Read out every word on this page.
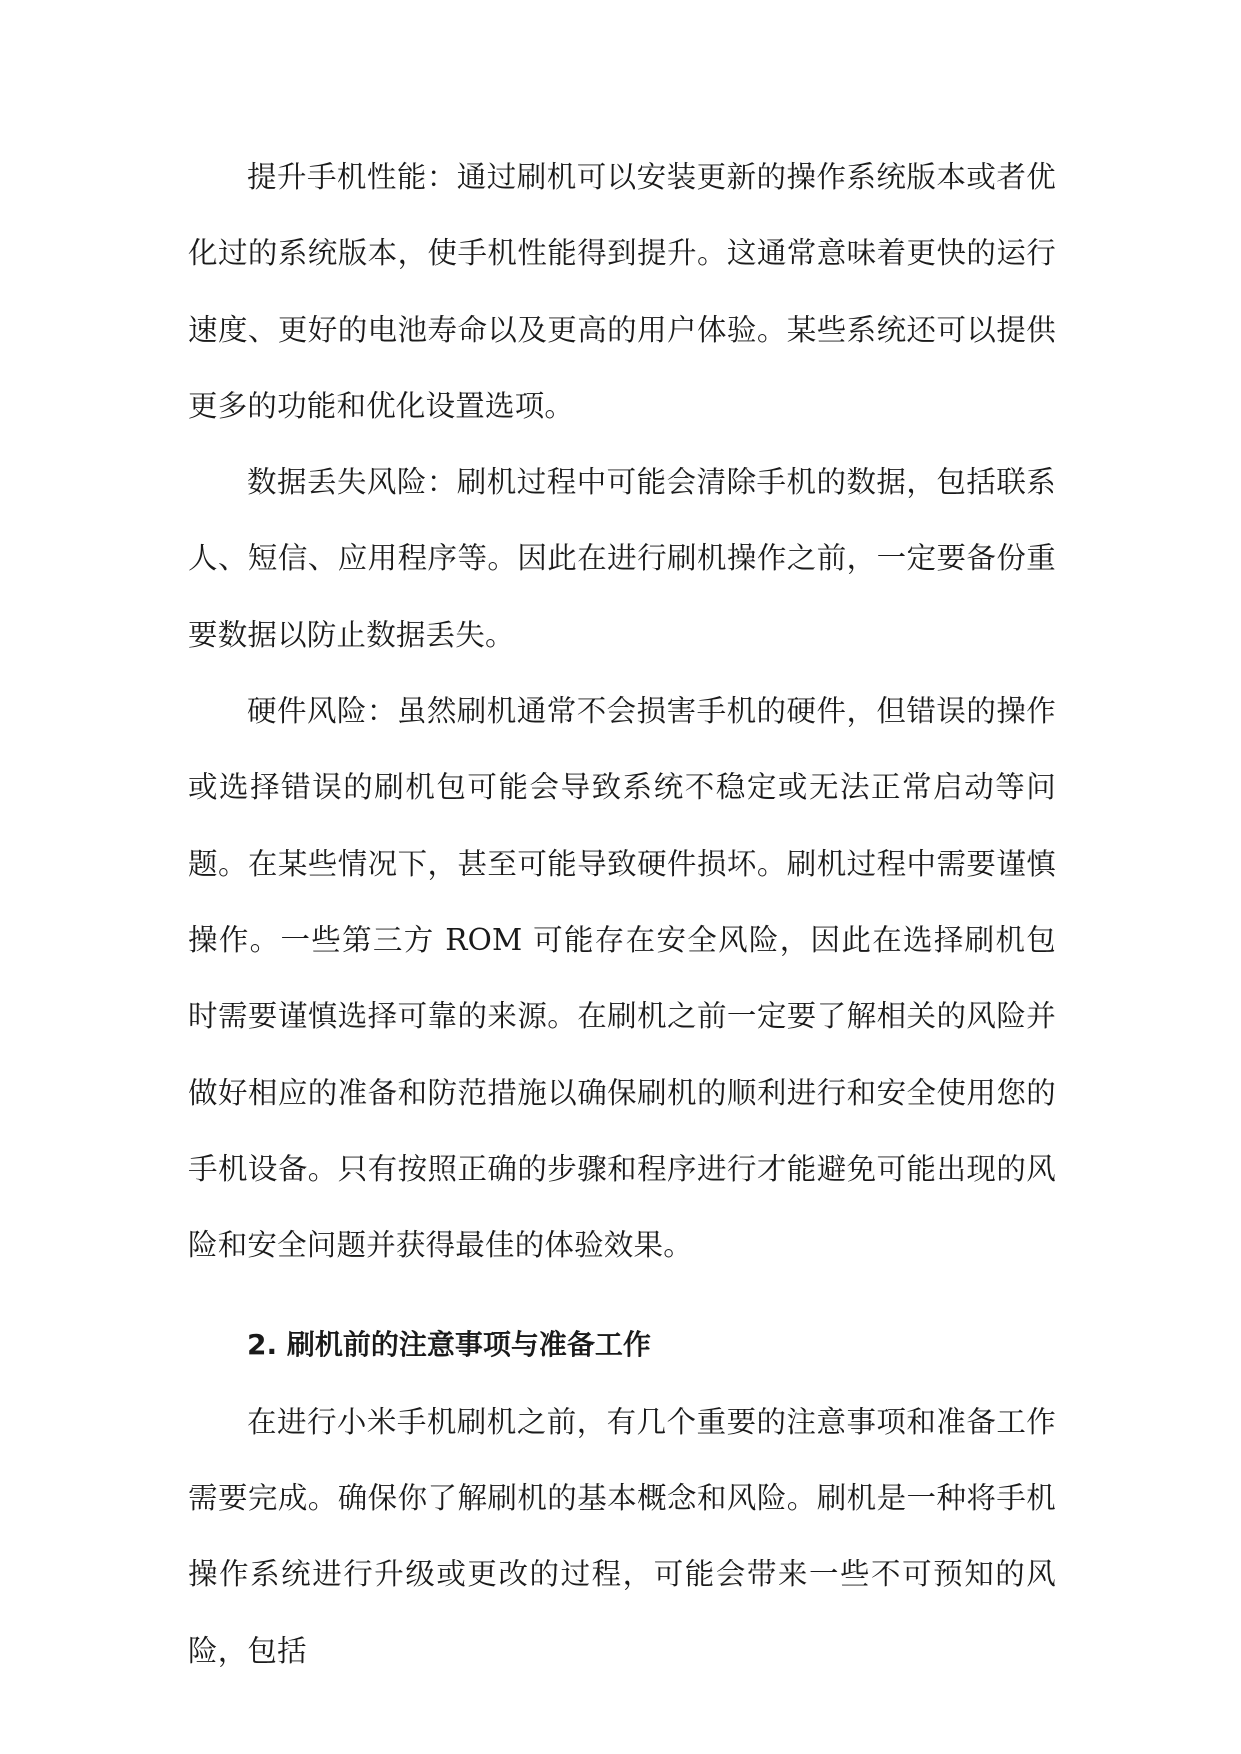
提升手机性能：通过刷机可以安装更新的操作系统版本或者优化过的系统版本，使手机性能得到提升。这通常意味着更快的运行速度、更好的电池寿命以及更高的用户体验。某些系统还可以提供更多的功能和优化设置选项。

数据丢失风险：刷机过程中可能会清除手机的数据，包括联系人、短信、应用程序等。因此在进行刷机操作之前，一定要备份重要数据以防止数据丢失。

硬件风险：虽然刷机通常不会损害手机的硬件，但错误的操作或选择错误的刷机包可能会导致系统不稳定或无法正常启动等问题。在某些情况下，甚至可能导致硬件损坏。刷机过程中需要谨慎操作。一些第三方 ROM 可能存在安全风险，因此在选择刷机包时需要谨慎选择可靠的来源。在刷机之前一定要了解相关的风险并做好相应的准备和防范措施以确保刷机的顺利进行和安全使用您的手机设备。只有按照正确的步骤和程序进行才能避免可能出现的风险和安全问题并获得最佳的体验效果。

2. 刷机前的注意事项与准备工作

在进行小米手机刷机之前，有几个重要的注意事项和准备工作需要完成。确保你了解刷机的基本概念和风险。刷机是一种将手机操作系统进行升级或更改的过程，可能会带来一些不可预知的风险，包括
